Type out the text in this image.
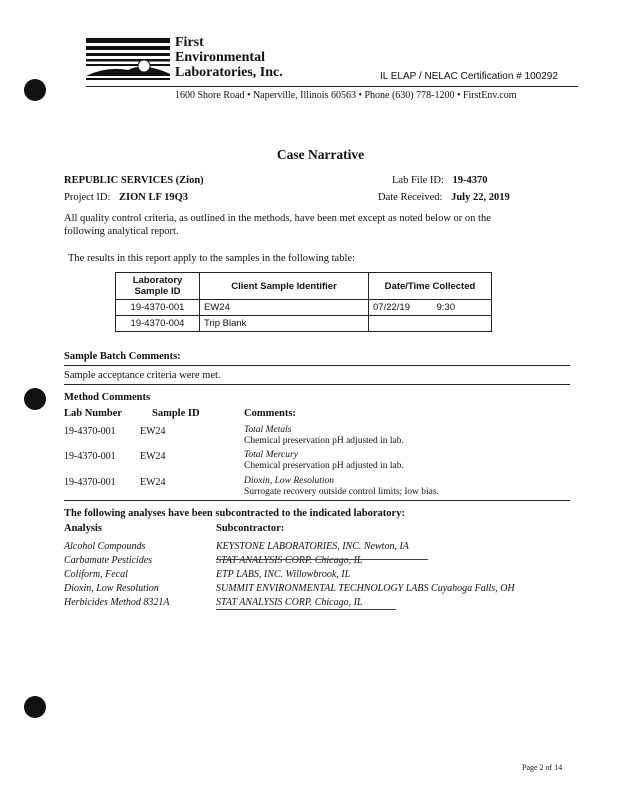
First
Environmental
Laboratories, Inc.	IL ELAP / NELAC Certification # 100292
1600 Shore Road • Naperville, Illinois 60563 • Phone (630) 778-1200 • FirstEnv.com
Case Narrative
REPUBLIC SERVICES (Zion)
Project ID: ZION LF 19Q3
Lab File ID: 19-4370
Date Received: July 22, 2019
All quality control criteria, as outlined in the methods, have been met except as noted below or on the following analytical report.
The results in this report apply to the samples in the following table:
Laboratory Sample ID	Client Sample Identifier	Date/Time Collected
19-4370-001	EW24	07/22/19 9:30
19-4370-004	Trip Blank	
Sample Batch Comments:
Sample acceptance criteria were met.
Method Comments
Lab Number	Sample ID	Comments:
19-4370-001 EW24	Total Metals
Chemical preservation pH adjusted in lab.
19-4370-001 EW24	Total Mercury
Chemical preservation pH adjusted in lab.
19-4370-001 EW24	Dioxin, Low Resolution
Surrogate recovery outside control limits; low bias.
The following analyses have been subcontracted to the indicated laboratory:
Analysis	Subcontractor:
Alcohol Compounds	KEYSTONE LABORATORIES, INC. Newton, IA
Carbamate Pesticides	STAT ANALYSIS CORP. Chicago, IL
Coliform, Fecal	ETP LABS, INC. Willowbrook, IL
Dioxin, Low Resolution	SUMMIT ENVIRONMENTAL TECHNOLOGY LABS Cuyahoga Falls, OH
Herbicides Method 8321A	STAT ANALYSIS CORP. Chicago, IL
Page 2 of 14
